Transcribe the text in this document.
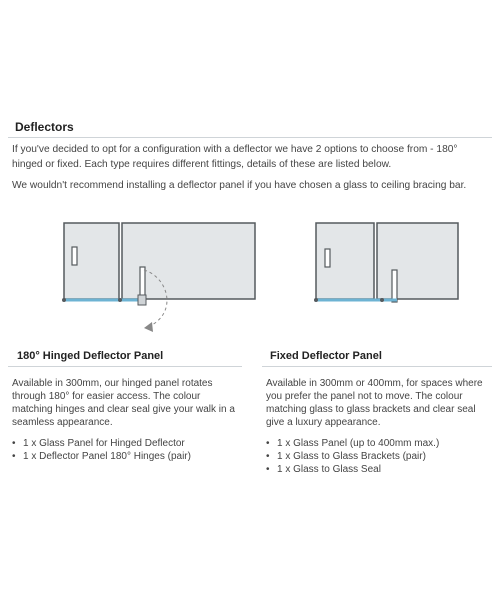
Deflectors
If you've decided to opt for a configuration with a deflector we have 2 options to choose from - 180° hinged or fixed. Each type requires different fittings, details of these are listed below.
We wouldn't recommend installing a deflector panel if you have chosen a glass to ceiling bracing bar.
180° Hinged Deflector Panel
Available in 300mm, our hinged panel rotates through 180° for easier access. The colour matching hinges and clear seal give your walk in a seamless appearance.
• 1 x Glass Panel for Hinged Deflector
• 1 x Deflector Panel 180° Hinges (pair)
Fixed Deflector Panel
Available in 300mm or 400mm, for spaces where you prefer the panel not to move. The colour matching glass to glass brackets and clear seal give a luxury appearance.
• 1 x Glass Panel (up to 400mm max.)
• 1 x Glass to Glass Brackets (pair)
• 1 x Glass to Glass Seal
